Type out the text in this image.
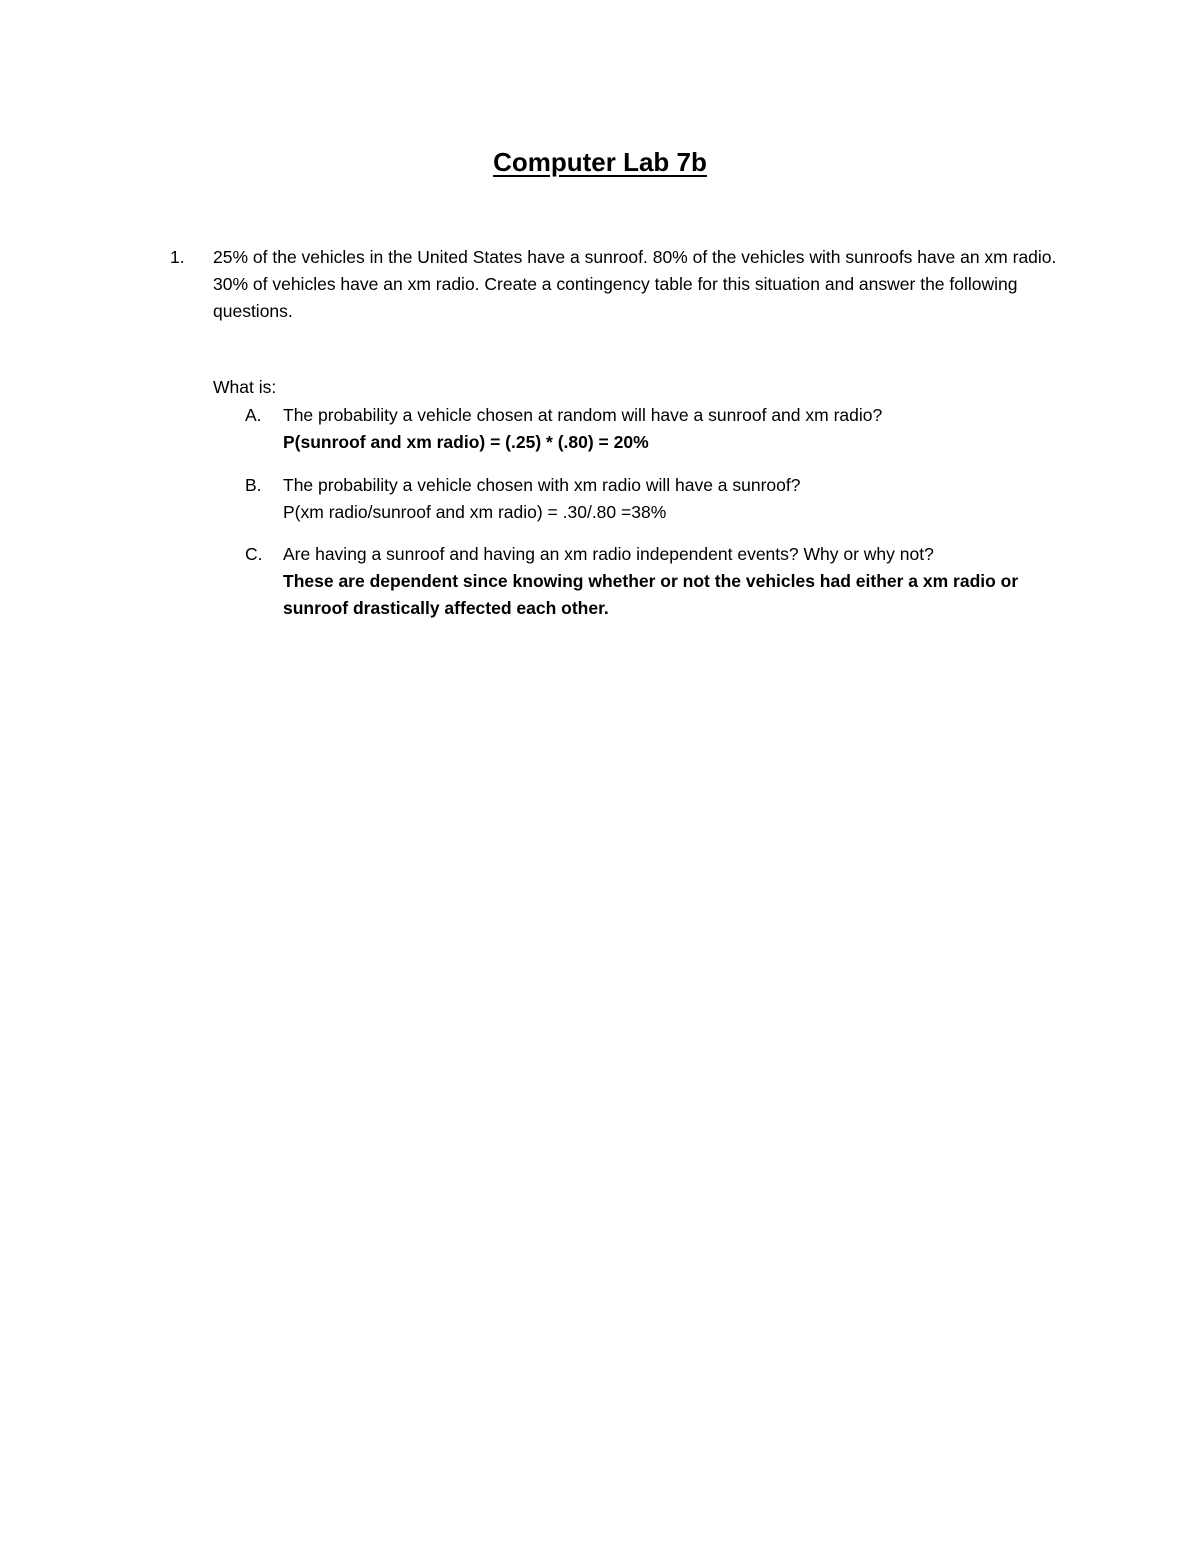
Computer Lab 7b
1.	25% of the vehicles in the United States have a sunroof. 80% of the vehicles with sunroofs have an xm radio. 30% of vehicles have an xm radio. Create a contingency table for this situation and answer the following questions.
What is:
A.	The probability a vehicle chosen at random will have a sunroof and xm radio?
P(sunroof and xm radio) = (.25) * (.80) = 20%
B.	The probability a vehicle chosen with xm radio will have a sunroof?
P(xm radio/sunroof and xm radio) = .30/.80 =38%
C.	Are having a sunroof and having an xm radio independent events? Why or why not?
These are dependent since knowing whether or not the vehicles had either a xm radio or sunroof drastically affected each other.
